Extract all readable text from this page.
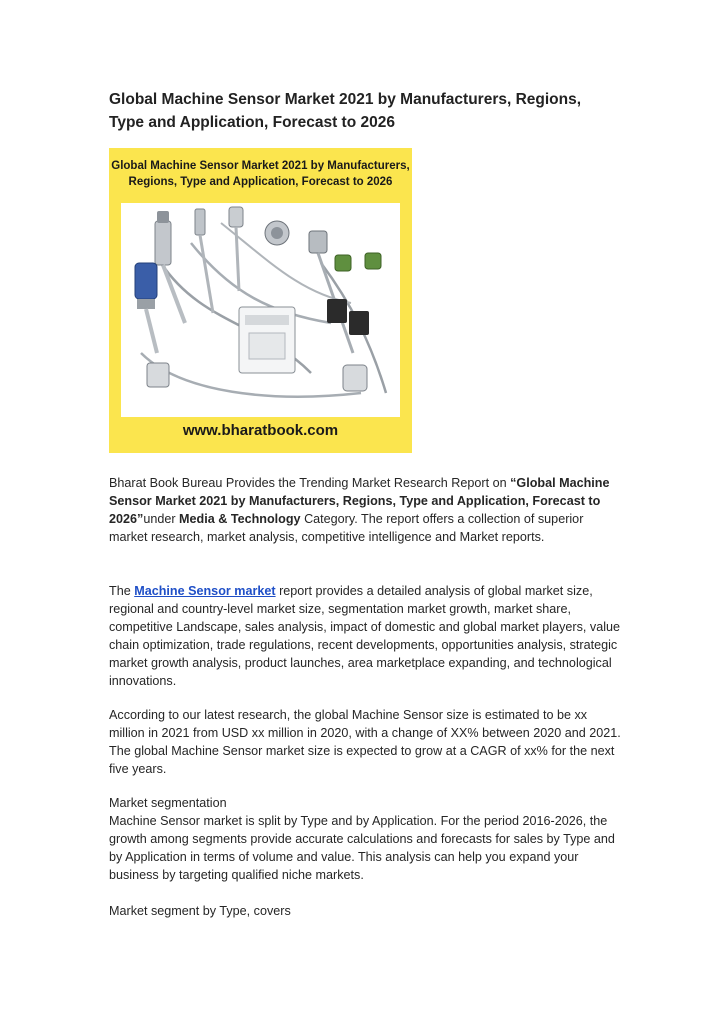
Global Machine Sensor Market 2021 by Manufacturers, Regions, Type and Application, Forecast to 2026
Global Machine Sensor Market 2021 by Manufacturers, Regions, Type and Application, Forecast to 2026
www.bharatbook.com

Bharat Book Bureau Provides the Trending Market Research Report on “Global Machine Sensor Market 2021 by Manufacturers, Regions, Type and Application, Forecast to 2026”under Media & Technology Category. The report offers a collection of superior market research, market analysis, competitive intelligence and Market reports.

The Machine Sensor market report provides a detailed analysis of global market size, regional and country-level market size, segmentation market growth, market share, competitive Landscape, sales analysis, impact of domestic and global market players, value chain optimization, trade regulations, recent developments, opportunities analysis, strategic market growth analysis, product launches, area marketplace expanding, and technological innovations.

According to our latest research, the global Machine Sensor size is estimated to be xx million in 2021 from USD xx million in 2020, with a change of XX% between 2020 and 2021. The global Machine Sensor market size is expected to grow at a CAGR of xx% for the next five years.

Market segmentation

Machine Sensor market is split by Type and by Application. For the period 2016-2026, the growth among segments provide accurate calculations and forecasts for sales by Type and by Application in terms of volume and value. This analysis can help you expand your business by targeting qualified niche markets.

Market segment by Type, covers
